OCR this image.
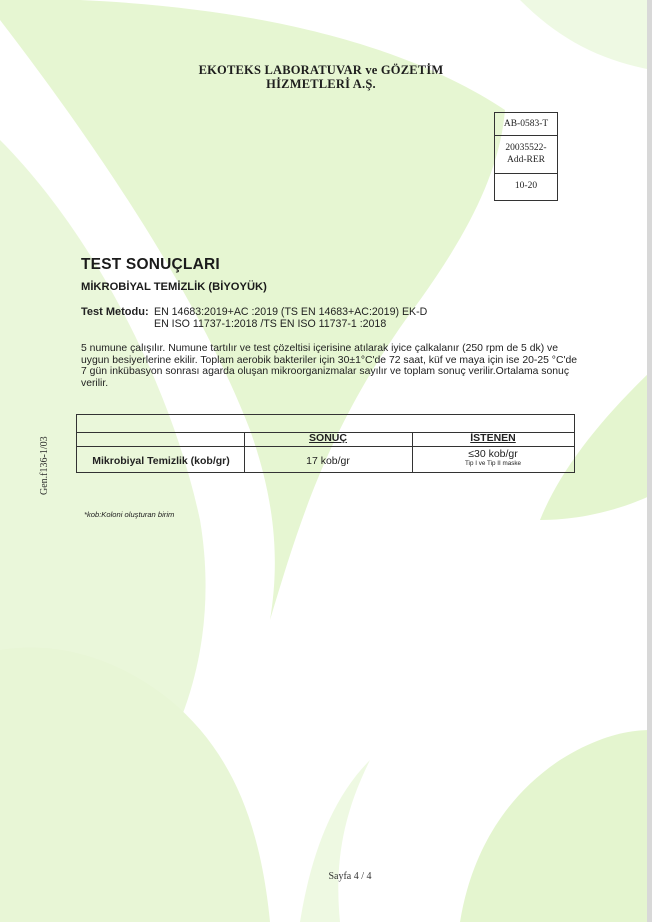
EKOTEKS LABORATUVAR ve GÖZETİM
HİZMETLERİ A.Ş.
AB-0583-T
20035522-
Add-RER
10-20
TEST SONUÇLARI
MİKROBİYAL TEMİZLİK (BİYOYÜK)
Test Metodu: EN 14683:2019+AC :2019 (TS EN 14683+AC:2019) EK-D
EN ISO 11737-1:2018 /TS EN ISO 11737-1 :2018
5 numune çalışılır. Numune tartılır ve test çözeltisi içerisine atılarak iyice çalkalanır (250 rpm de 5 dk) ve
uygun besiyerlerine ekilir. Toplam aerobik bakteriler için 30±1°C'de 72 saat, küf ve maya için ise 20-25 °C'de
7 gün inkübasyon sonrası agarda oluşan mikroorganizmalar sayılır ve toplam sonuç verilir.Ortalama sonuç
verilir.
SONUÇ	İSTENEN
Mikrobiyal Temizlik (kob/gr)	17 kob/gr
≤30 kob/gr
Tip I ve Tip II maske
*kob:Koloni oluşturan birim
Gen.f136-1/03
Sayfa 4 / 4
